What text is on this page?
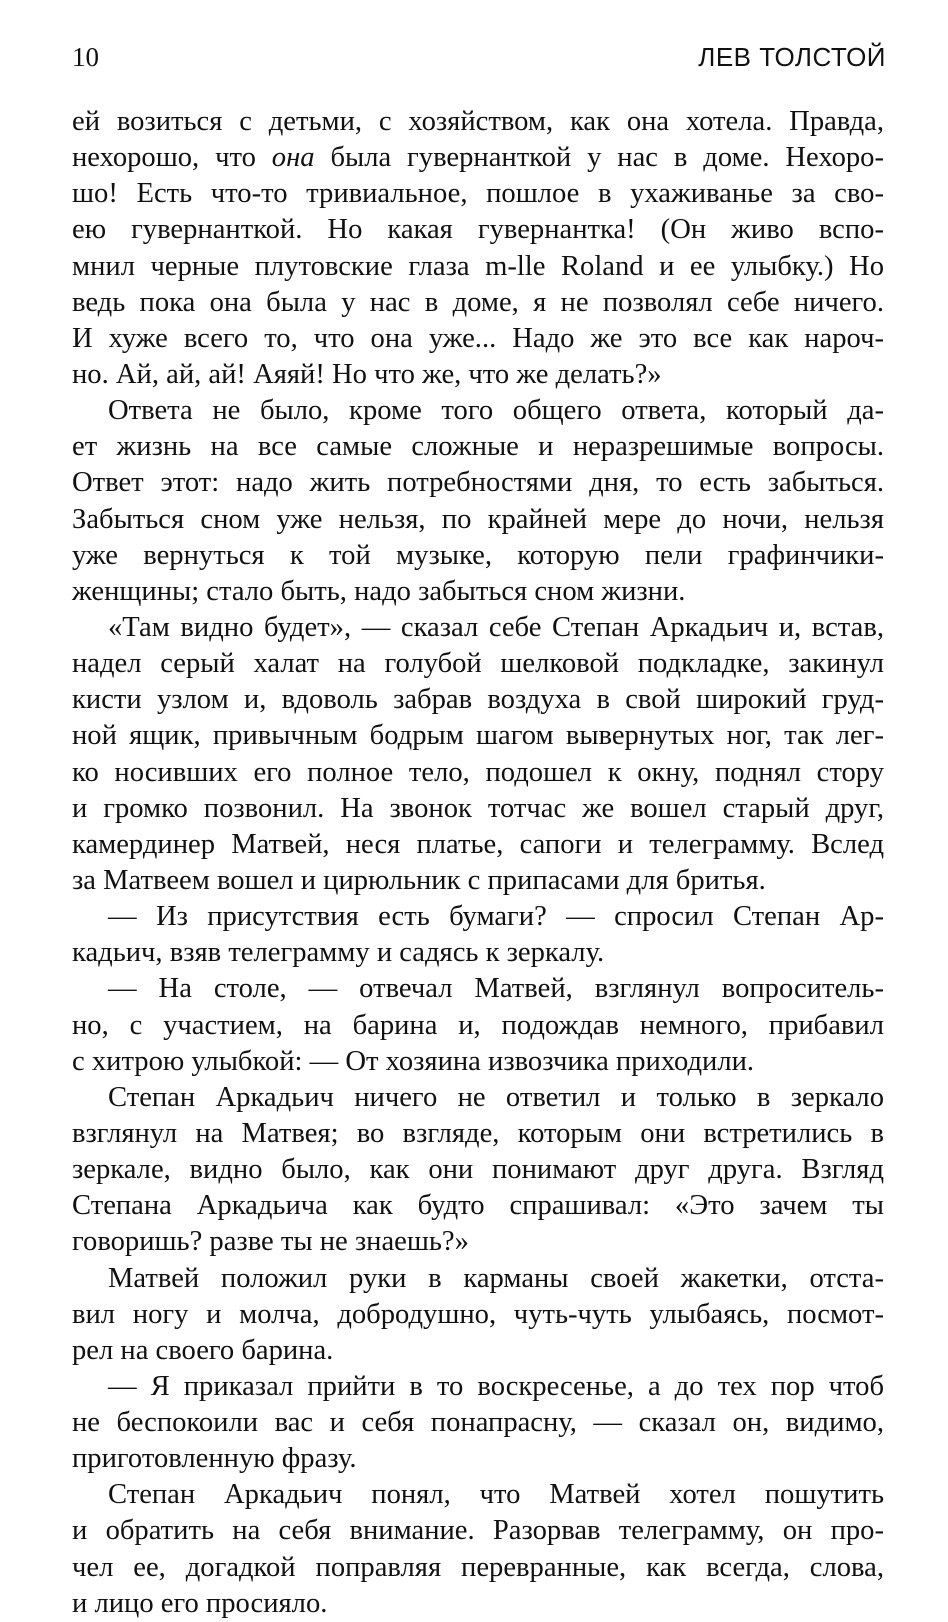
10	ЛЕВ ТОЛСТОЙ
ей возиться с детьми, с хозяйством, как она хотела. Правда,
нехорошо, что она была гувернанткой у нас в доме. Нехоро-
шо! Есть что-то тривиальное, пошлое в ухаживанье за сво-
ею гувернанткой. Но какая гувернантка! (Он живо вспо-
мнил черные плутовские глаза m-lle Roland и ее улыбку.) Но
ведь пока она была у нас в доме, я не позволял себе ничего.
И хуже всего то, что она уже... Надо же это все как нароч-
но. Ай, ай, ай! Аяяй! Но что же, что же делать?»
Ответа не было, кроме того общего ответа, который да-
ет жизнь на все самые сложные и неразрешимые вопросы.
Ответ этот: надо жить потребностями дня, то есть забыться.
Забыться сном уже нельзя, по крайней мере до ночи, нельзя
уже вернуться к той музыке, которую пели графинчики-
женщины; стало быть, надо забыться сном жизни.
«Там видно будет», — сказал себе Степан Аркадьич и, встав,
надел серый халат на голубой шелковой подкладке, закинул
кисти узлом и, вдоволь забрав воздуха в свой широкий груд-
ной ящик, привычным бодрым шагом вывернутых ног, так лег-
ко носивших его полное тело, подошел к окну, поднял стору
и громко позвонил. На звонок тотчас же вошел старый друг,
камердинер Матвей, неся платье, сапоги и телеграмму. Вслед
за Матвеем вошел и цирюльник с припасами для бритья.
— Из присутствия есть бумаги? — спросил Степан Ар-
кадьич, взяв телеграмму и садясь к зеркалу.
— На столе, — отвечал Матвей, взглянул вопроситель-
но, с участием, на барина и, подождав немного, прибавил
с хитрою улыбкой: — От хозяина извозчика приходили.
Степан Аркадьич ничего не ответил и только в зеркало
взглянул на Матвея; во взгляде, которым они встретились в
зеркале, видно было, как они понимают друг друга. Взгляд
Степана Аркадьича как будто спрашивал: «Это зачем ты
говоришь? разве ты не знаешь?»
Матвей положил руки в карманы своей жакетки, отста-
вил ногу и молча, добродушно, чуть-чуть улыбаясь, посмот-
рел на своего барина.
— Я приказал прийти в то воскресенье, а до тех пор чтоб
не беспокоили вас и себя понапрасну, — сказал он, видимо,
приготовленную фразу.
Степан Аркадьич понял, что Матвей хотел пошутить
и обратить на себя внимание. Разорвав телеграмму, он про-
чел ее, догадкой поправляя перевранные, как всегда, слова,
и лицо его просияло.
